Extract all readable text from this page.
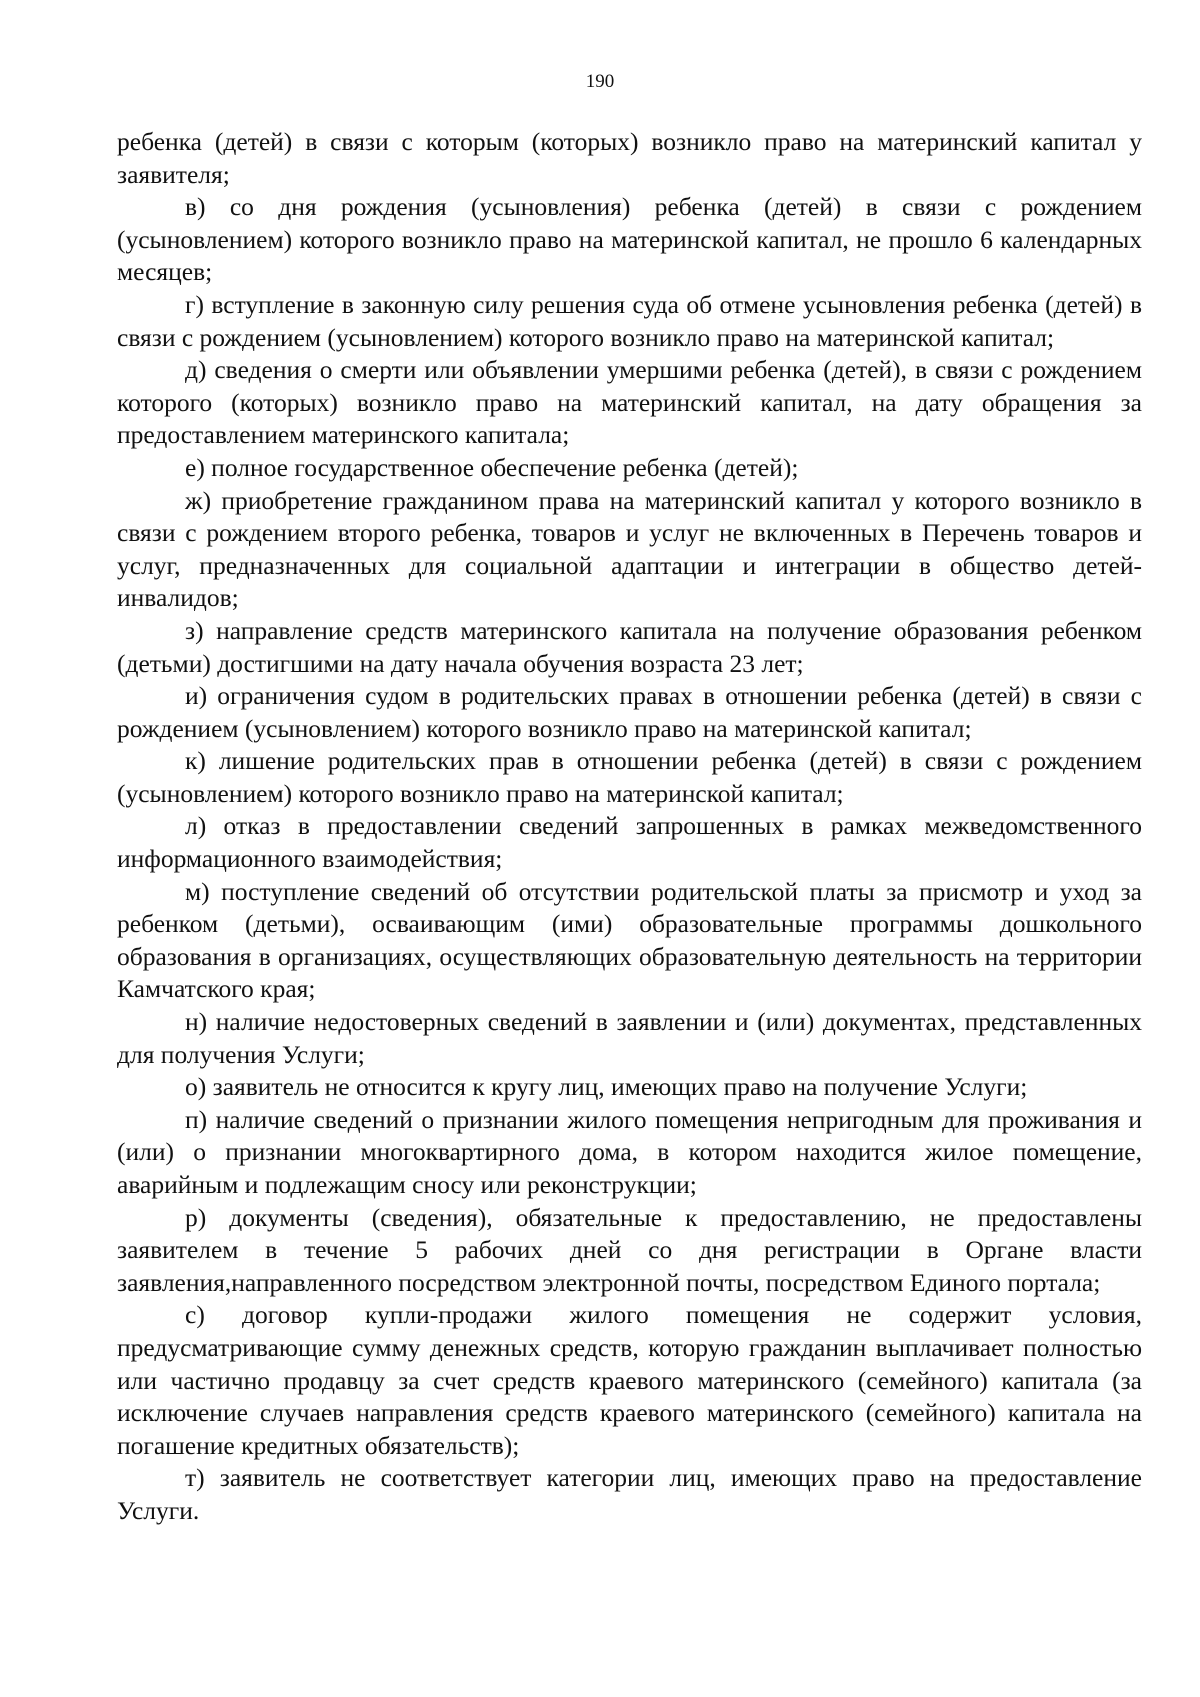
190

ребенка (детей) в связи с которым (которых) возникло право на материнский капитал у заявителя;

в) со дня рождения (усыновления) ребенка (детей) в связи с рождением (усыновлением) которого возникло право на материнской капитал, не прошло 6 календарных месяцев;

г) вступление в законную силу решения суда об отмене усыновления ребенка (детей) в связи с рождением (усыновлением) которого возникло право на материнской капитал;

д) сведения о смерти или объявлении умершими ребенка (детей), в связи с рождением которого (которых) возникло право на материнский капитал, на дату обращения за предоставлением материнского капитала;

е) полное государственное обеспечение ребенка (детей);

ж) приобретение гражданином права на материнский капитал у которого возникло в связи с рождением второго ребенка, товаров и услуг не включенных в Перечень товаров и услуг, предназначенных для социальной адаптации и интеграции в общество детей-инвалидов;

з) направление средств материнского капитала на получение образования ребенком (детьми) достигшими на дату начала обучения возраста 23 лет;

и) ограничения судом в родительских правах в отношении ребенка (детей) в связи с рождением (усыновлением) которого возникло право на материнской капитал;

к) лишение родительских прав в отношении ребенка (детей) в связи с рождением (усыновлением) которого возникло право на материнской капитал;

л) отказ в предоставлении сведений запрошенных в рамках межведомственного информационного взаимодействия;

м) поступление сведений об отсутствии родительской платы за присмотр и уход за ребенком (детьми), осваивающим (ими) образовательные программы дошкольного образования в организациях, осуществляющих образовательную деятельность на территории Камчатского края;

н) наличие недостоверных сведений в заявлении и (или) документах, представленных для получения Услуги;

о) заявитель не относится к кругу лиц, имеющих право на получение Услуги;

п) наличие сведений о признании жилого помещения непригодным для проживания и (или) о признании многоквартирного дома, в котором находится жилое помещение, аварийным и подлежащим сносу или реконструкции;

р) документы (сведения), обязательные к предоставлению, не предоставлены заявителем в течение 5 рабочих дней со дня регистрации в Органе власти заявления,направленного посредством электронной почты, посредством Единого портала;

с) договор купли-продажи жилого помещения не содержит условия, предусматривающие сумму денежных средств, которую гражданин выплачивает полностью или частично продавцу за счет средств краевого материнского (семейного) капитала (за исключение случаев направления средств краевого материнского (семейного) капитала на погашение кредитных обязательств);

т) заявитель не соответствует категории лиц, имеющих право на предоставление Услуги.
